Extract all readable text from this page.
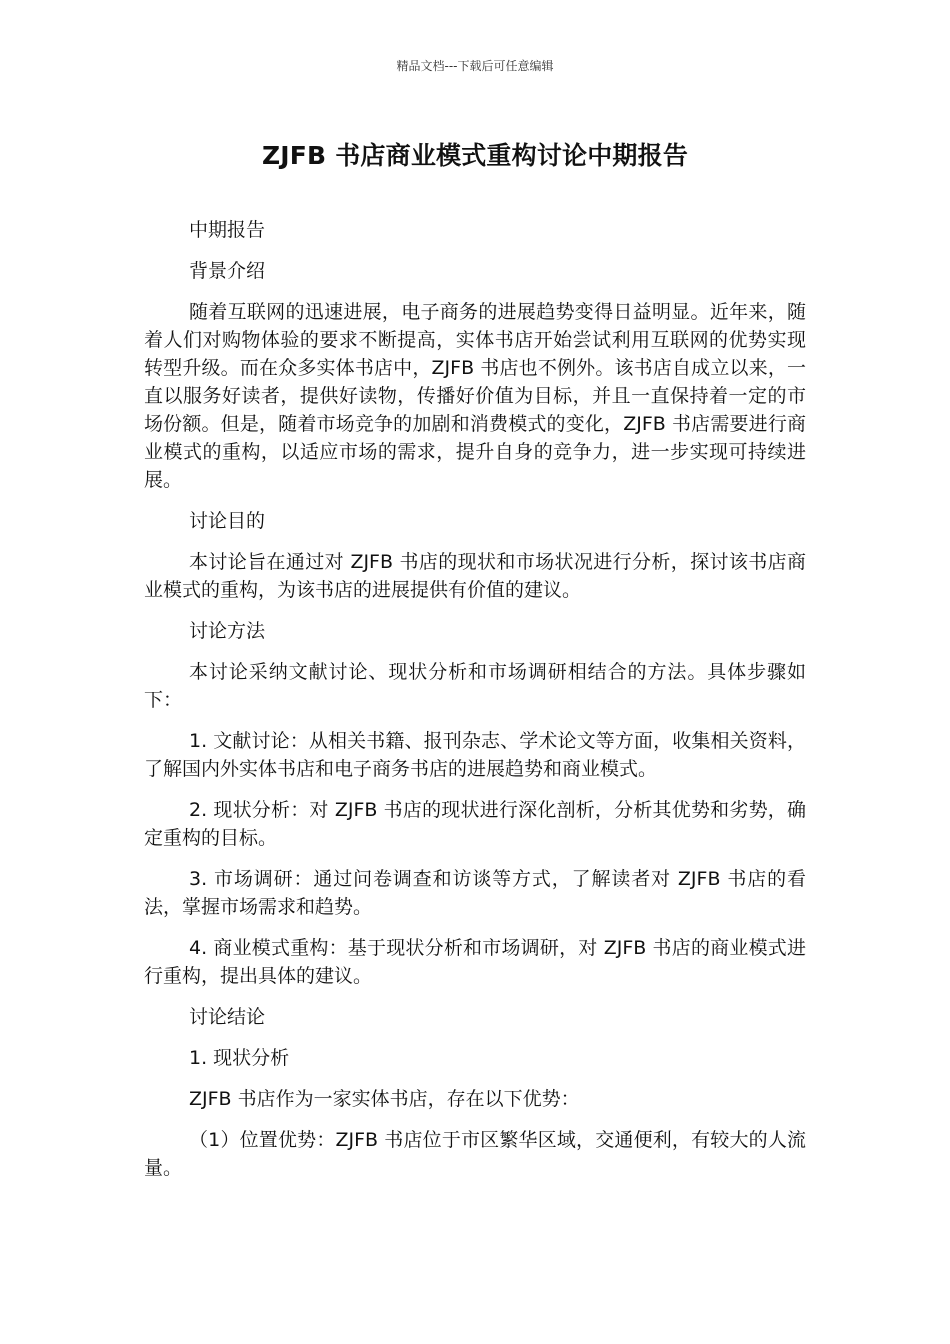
精品文档---下载后可任意编辑
ZJFB 书店商业模式重构讨论中期报告

中期报告

背景介绍

随着互联网的迅速进展，电子商务的进展趋势变得日益明显。近年来，随着人们对购物体验的要求不断提高，实体书店开始尝试利用互联网的优势实现转型升级。而在众多实体书店中，ZJFB 书店也不例外。该书店自成立以来，一直以服务好读者，提供好读物，传播好价值为目标，并且一直保持着一定的市场份额。但是，随着市场竞争的加剧和消费模式的变化，ZJFB 书店需要进行商业模式的重构，以适应市场的需求，提升自身的竞争力，进一步实现可持续进展。

讨论目的

本讨论旨在通过对 ZJFB 书店的现状和市场状况进行分析，探讨该书店商业模式的重构，为该书店的进展提供有价值的建议。

讨论方法

本讨论采纳文献讨论、现状分析和市场调研相结合的方法。具体步骤如下：

1. 文献讨论：从相关书籍、报刊杂志、学术论文等方面，收集相关资料，了解国内外实体书店和电子商务书店的进展趋势和商业模式。

2. 现状分析：对 ZJFB 书店的现状进行深化剖析，分析其优势和劣势，确定重构的目标。

3. 市场调研：通过问卷调查和访谈等方式，了解读者对 ZJFB 书店的看法，掌握市场需求和趋势。

4. 商业模式重构：基于现状分析和市场调研，对 ZJFB 书店的商业模式进行重构，提出具体的建议。

讨论结论

1. 现状分析

ZJFB 书店作为一家实体书店，存在以下优势：

（1）位置优势：ZJFB 书店位于市区繁华区域，交通便利，有较大的人流量。
